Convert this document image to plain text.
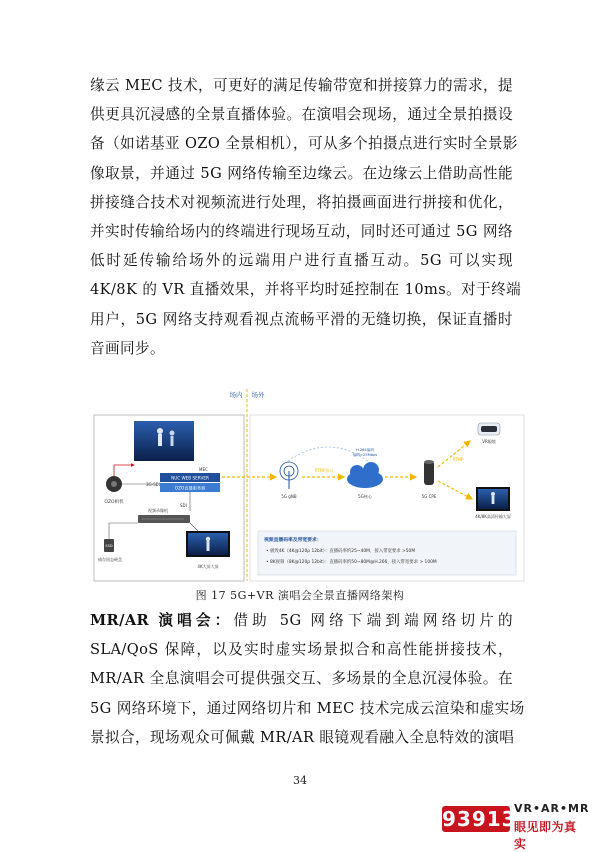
缘云 MEC 技术，可更好的满足传输带宽和拼接算力的需求，提
供更具沉浸感的全景直播体验。在演唱会现场，通过全景拍摄设
备（如诺基亚 OZO 全景相机），可从多个拍摄点进行实时全景影
像取景，并通过 5G 网络传输至边缘云。在边缘云上借助高性能
拼接缝合技术对视频流进行处理，将拍摄画面进行拼接和优化，
并实时传输给场内的终端进行现场互动，同时还可通过 5G 网络
低时延传输给场外的远端用户进行直播互动。5G 可以实现
4K/8K 的 VR 直播效果，并将平均时延控制在 10ms。对于终端
用户，5G 网络支持观看视点流畅平滑的无缝切换，保证直播时
音画同步。

场内 场外
OZO相机
3G-SDI
MEC
NUC WEB SERVER
OZO直播服务器
SDI
视频录像机
SSD
储存固态硬盘
4K大屏大屏
5G gNB
RTMP协议
5G核心
H.264编码
编码>25Mbps
5G CPE
RTMP
VR眼镜
4K/8K高清传输大屏
视频直播码率及带宽要求：
• 极致4K（4K@120p 12bit）：直播码率约25~40M，接入带宽要求 >50M
• 8K视频（8K@120p 12bit）：直播码率约50~80M@H.266，接入带宽要求 > 100M
图 17 5G+VR 演唱会全景直播网络架构

MR/AR 演唱会：借助 5G 网络下端到端网络切片的
SLA/QoS 保障，以及实时虚实场景拟合和高性能拼接技术，
MR/AR 全息演唱会可提供强交互、多场景的全息沉浸体验。在
5G 网络环境下，通过网络切片和 MEC 技术完成云渲染和虚实场
景拟合，现场观众可佩戴 MR/AR 眼镜观看融入全息特效的演唱

34
93913
VR•AR•MR
眼见即为真实
